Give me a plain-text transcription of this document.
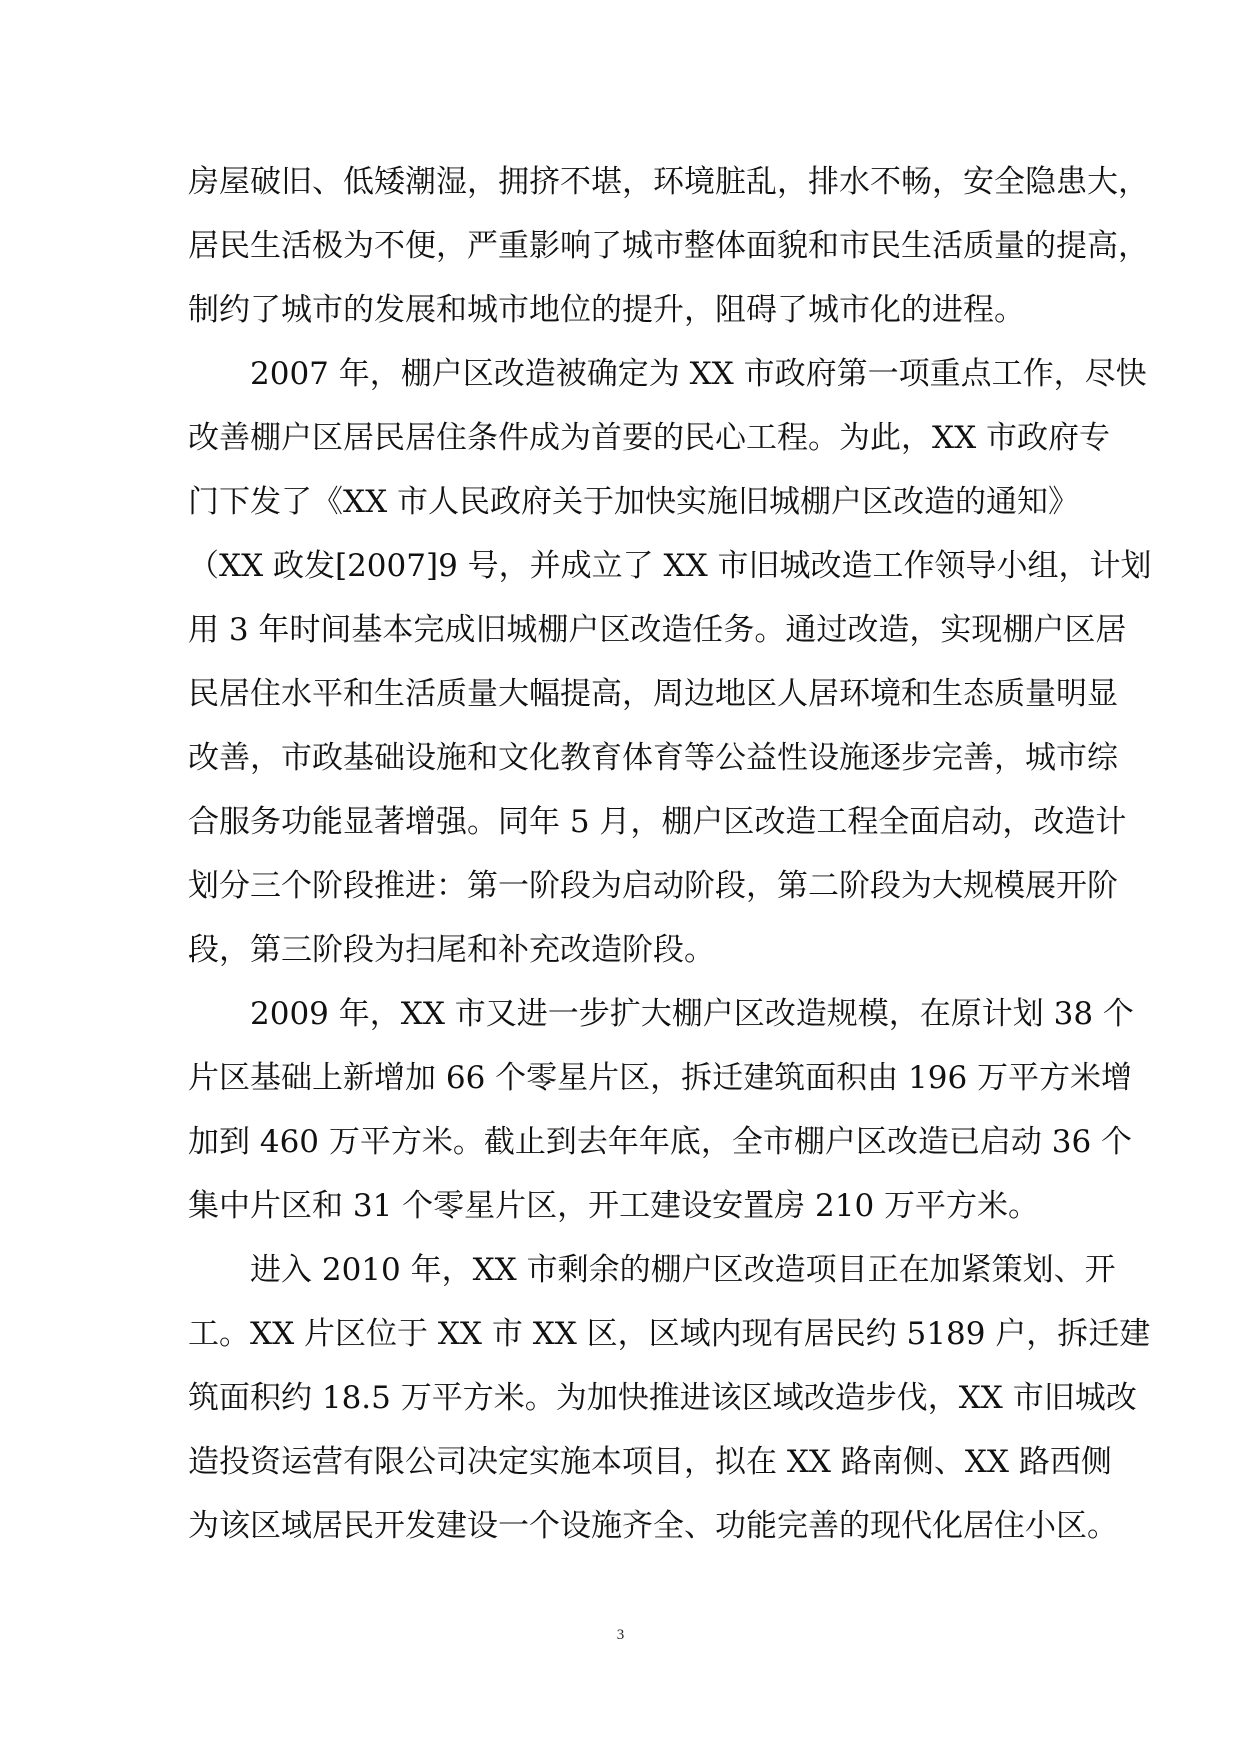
房屋破旧、低矮潮湿，拥挤不堪，环境脏乱，排水不畅，安全隐患大，
居民生活极为不便，严重影响了城市整体面貌和市民生活质量的提高，
制约了城市的发展和城市地位的提升，阻碍了城市化的进程。
　　2007 年，棚户区改造被确定为 XX 市政府第一项重点工作，尽快
改善棚户区居民居住条件成为首要的民心工程。为此，XX 市政府专
门下发了《XX 市人民政府关于加快实施旧城棚户区改造的通知》
（XX 政发[2007]9 号，并成立了 XX 市旧城改造工作领导小组，计划
用 3 年时间基本完成旧城棚户区改造任务。通过改造，实现棚户区居
民居住水平和生活质量大幅提高，周边地区人居环境和生态质量明显
改善，市政基础设施和文化教育体育等公益性设施逐步完善，城市综
合服务功能显著增强。同年 5 月，棚户区改造工程全面启动，改造计
划分三个阶段推进：第一阶段为启动阶段，第二阶段为大规模展开阶
段，第三阶段为扫尾和补充改造阶段。
　　2009 年，XX 市又进一步扩大棚户区改造规模，在原计划 38 个
片区基础上新增加 66 个零星片区，拆迁建筑面积由 196 万平方米增
加到 460 万平方米。截止到去年年底，全市棚户区改造已启动 36 个
集中片区和 31 个零星片区，开工建设安置房 210 万平方米。
　　进入 2010 年，XX 市剩余的棚户区改造项目正在加紧策划、开
工。XX 片区位于 XX 市 XX 区，区域内现有居民约 5189 户，拆迁建
筑面积约 18.5 万平方米。为加快推进该区域改造步伐，XX 市旧城改
造投资运营有限公司决定实施本项目，拟在 XX 路南侧、XX 路西侧
为该区域居民开发建设一个设施齐全、功能完善的现代化居住小区。
3
